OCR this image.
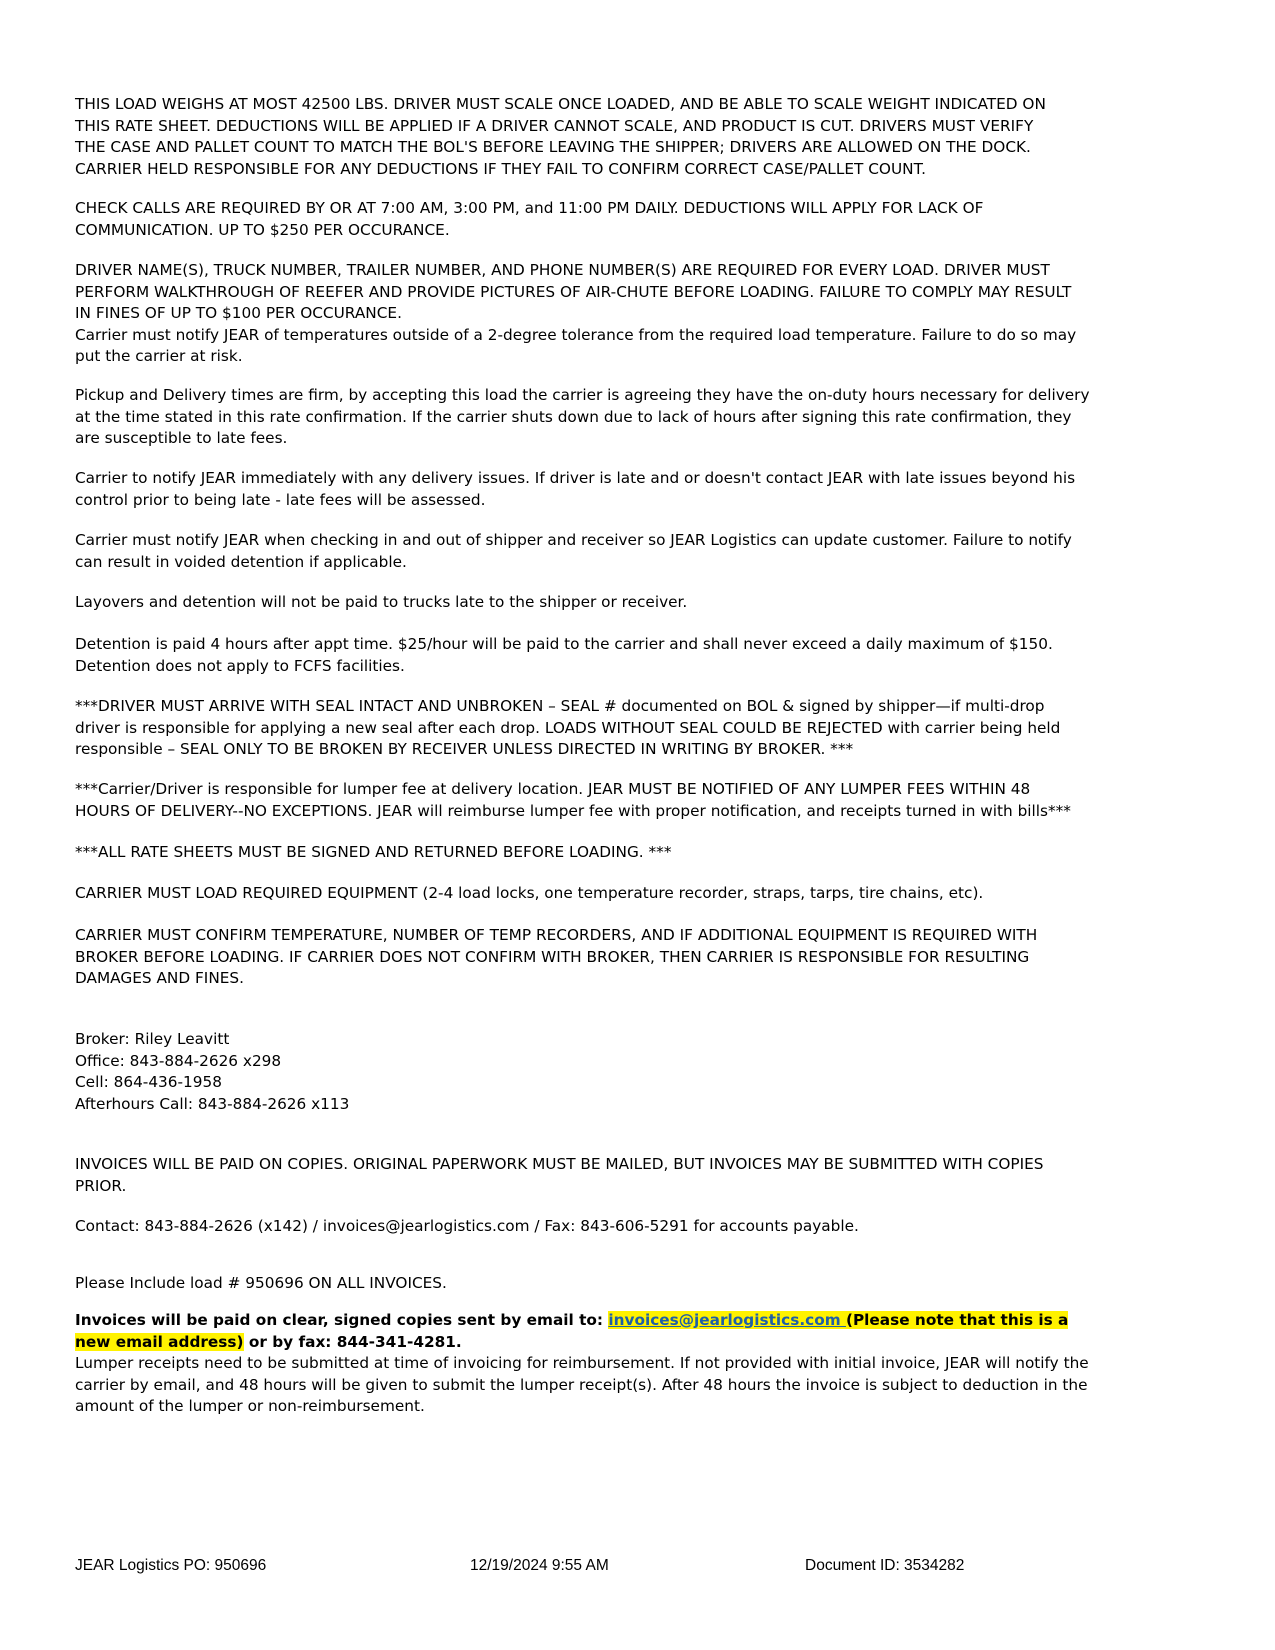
THIS LOAD WEIGHS AT MOST 42500 LBS. DRIVER MUST SCALE ONCE LOADED, AND BE ABLE TO SCALE WEIGHT INDICATED ON
THIS RATE SHEET. DEDUCTIONS WILL BE APPLIED IF A DRIVER CANNOT SCALE, AND PRODUCT IS CUT. DRIVERS MUST VERIFY
THE CASE AND PALLET COUNT TO MATCH THE BOL'S BEFORE LEAVING THE SHIPPER; DRIVERS ARE ALLOWED ON THE DOCK.
CARRIER HELD RESPONSIBLE FOR ANY DEDUCTIONS IF THEY FAIL TO CONFIRM CORRECT CASE/PALLET COUNT.

CHECK CALLS ARE REQUIRED BY OR AT 7:00 AM, 3:00 PM, and 11:00 PM DAILY. DEDUCTIONS WILL APPLY FOR LACK OF
COMMUNICATION. UP TO $250 PER OCCURANCE.

DRIVER NAME(S), TRUCK NUMBER, TRAILER NUMBER, AND PHONE NUMBER(S) ARE REQUIRED FOR EVERY LOAD. DRIVER MUST
PERFORM WALKTHROUGH OF REEFER AND PROVIDE PICTURES OF AIR-CHUTE BEFORE LOADING. FAILURE TO COMPLY MAY RESULT
IN FINES OF UP TO $100 PER OCCURANCE.
Carrier must notify JEAR of temperatures outside of a 2-degree tolerance from the required load temperature. Failure to do so may
put the carrier at risk.

Pickup and Delivery times are firm, by accepting this load the carrier is agreeing they have the on-duty hours necessary for delivery
at the time stated in this rate confirmation. If the carrier shuts down due to lack of hours after signing this rate confirmation, they
are susceptible to late fees.

Carrier to notify JEAR immediately with any delivery issues. If driver is late and or doesn't contact JEAR with late issues beyond his
control prior to being late - late fees will be assessed.

Carrier must notify JEAR when checking in and out of shipper and receiver so JEAR Logistics can update customer. Failure to notify
can result in voided detention if applicable.

Layovers and detention will not be paid to trucks late to the shipper or receiver.

Detention is paid 4 hours after appt time. $25/hour will be paid to the carrier and shall never exceed a daily maximum of $150.
Detention does not apply to FCFS facilities.

***DRIVER MUST ARRIVE WITH SEAL INTACT AND UNBROKEN – SEAL # documented on BOL & signed by shipper—if multi-drop
driver is responsible for applying a new seal after each drop. LOADS WITHOUT SEAL COULD BE REJECTED with carrier being held
responsible – SEAL ONLY TO BE BROKEN BY RECEIVER UNLESS DIRECTED IN WRITING BY BROKER. ***

***Carrier/Driver is responsible for lumper fee at delivery location. JEAR MUST BE NOTIFIED OF ANY LUMPER FEES WITHIN 48
HOURS OF DELIVERY--NO EXCEPTIONS. JEAR will reimburse lumper fee with proper notification, and receipts turned in with bills***

***ALL RATE SHEETS MUST BE SIGNED AND RETURNED BEFORE LOADING. ***

CARRIER MUST LOAD REQUIRED EQUIPMENT (2-4 load locks, one temperature recorder, straps, tarps, tire chains, etc).

CARRIER MUST CONFIRM TEMPERATURE, NUMBER OF TEMP RECORDERS, AND IF ADDITIONAL EQUIPMENT IS REQUIRED WITH
BROKER BEFORE LOADING. IF CARRIER DOES NOT CONFIRM WITH BROKER, THEN CARRIER IS RESPONSIBLE FOR RESULTING
DAMAGES AND FINES.

Broker: Riley Leavitt
Office: 843-884-2626 x298
Cell: 864-436-1958
Afterhours Call: 843-884-2626 x113

INVOICES WILL BE PAID ON COPIES. ORIGINAL PAPERWORK MUST BE MAILED, BUT INVOICES MAY BE SUBMITTED WITH COPIES
PRIOR.

Contact: 843-884-2626 (x142) / invoices@jearlogistics.com / Fax: 843-606-5291 for accounts payable.

Please Include load # 950696 ON ALL INVOICES.

Invoices will be paid on clear, signed copies sent by email to: invoices@jearlogistics.com (Please note that this is a
new email address) or by fax: 844-341-4281.
Lumper receipts need to be submitted at time of invoicing for reimbursement. If not provided with initial invoice, JEAR will notify the
carrier by email, and 48 hours will be given to submit the lumper receipt(s). After 48 hours the invoice is subject to deduction in the
amount of the lumper or non-reimbursement.

JEAR Logistics PO: 950696	12/19/2024 9:55 AM	Document ID: 3534282
